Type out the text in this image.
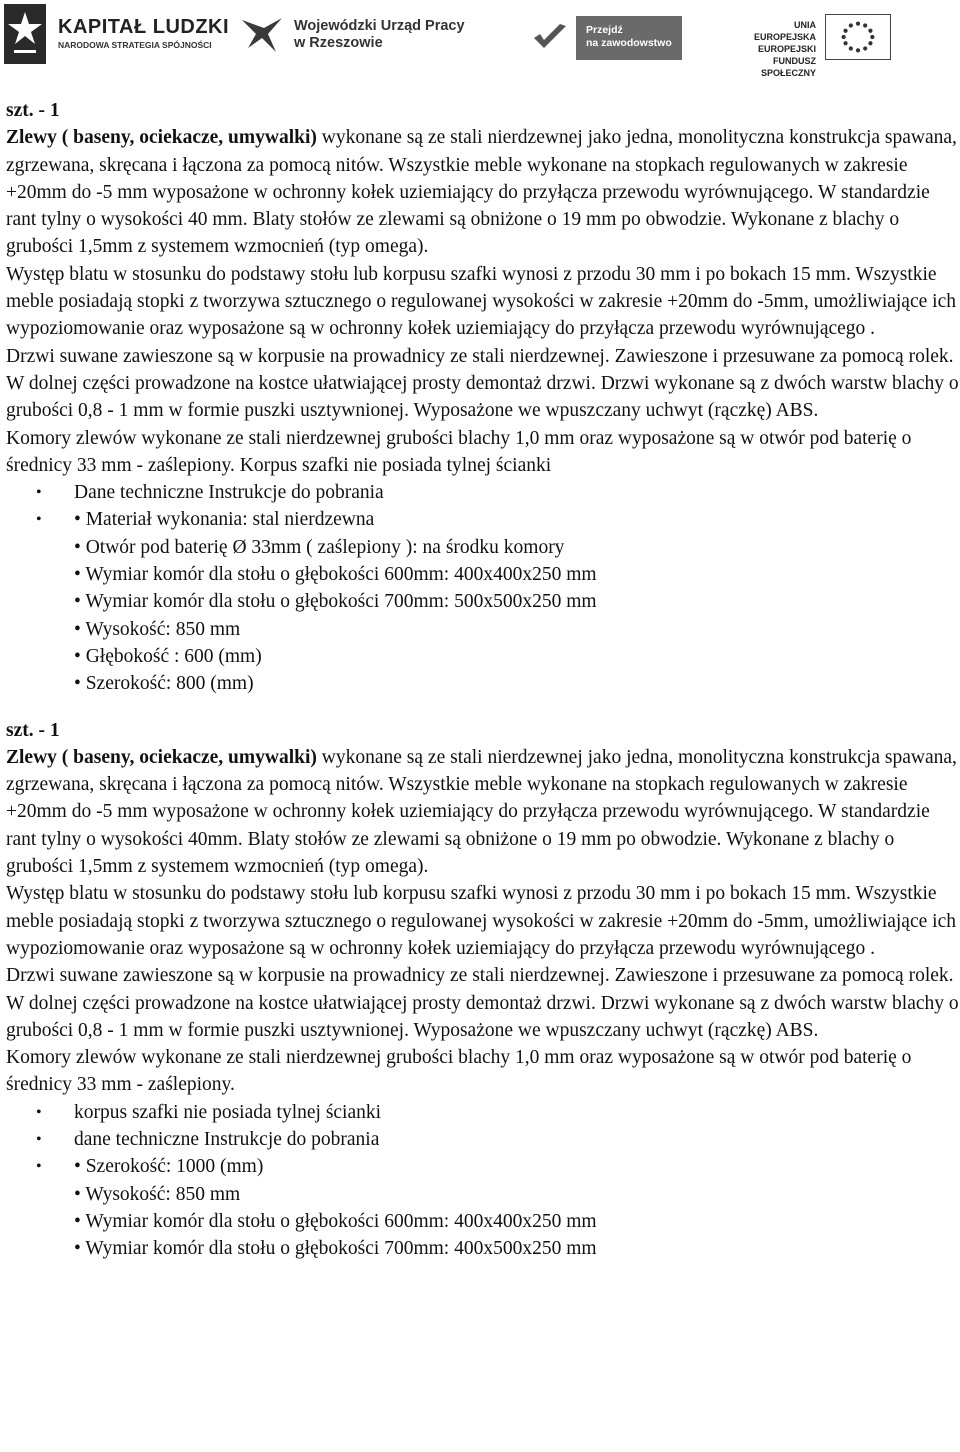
KAPITAŁ LUDZKI
NARODOWA STRATEGIA SPÓJNOŚCI
Wojewódzki Urząd Pracy
w Rzeszowie
Przejdź
na zawodowstwo
UNIA EUROPEJSKA
EUROPEJSKI
FUNDUSZ SPOŁECZNY
szt. - 1
Zlewy ( baseny, ociekacze, umywalki) wykonane są ze stali nierdzewnej jako jedna, monolityczna konstrukcja spawana, zgrzewana, skręcana i łączona za pomocą nitów. Wszystkie meble wykonane na stopkach regulowanych w zakresie +20mm do -5 mm wyposażone w ochronny kołek uziemiający do przyłącza przewodu wyrównującego. W standardzie rant tylny o wysokości 40 mm. Blaty stołów ze zlewami są obniżone o 19 mm po obwodzie. Wykonane z blachy o grubości 1,5mm z systemem wzmocnień (typ omega).
Występ blatu w stosunku do podstawy stołu lub korpusu szafki wynosi z przodu 30 mm i po bokach 15 mm. Wszystkie meble posiadają stopki z tworzywa sztucznego o regulowanej wysokości w zakresie +20mm do -5mm, umożliwiające ich wypoziomowanie oraz wyposażone są w ochronny kołek uziemiający do przyłącza przewodu wyrównującego .
Drzwi suwane zawieszone są w korpusie na prowadnicy ze stali nierdzewnej. Zawieszone i przesuwane za pomocą rolek. W dolnej części prowadzone na kostce ułatwiającej prosty demontaż drzwi. Drzwi wykonane są z dwóch warstw blachy o grubości 0,8 - 1 mm w formie puszki usztywnionej. Wyposażone we wpuszczany uchwyt (rączkę) ABS.
Komory zlewów wykonane ze stali nierdzewnej grubości blachy 1,0 mm oraz wyposażone są w otwór pod baterię o średnicy 33 mm - zaślepiony. Korpus szafki nie posiada tylnej ścianki
• Dane techniczne Instrukcje do pobrania
• • Materiał wykonania: stal nierdzewna
• Otwór pod baterię Ø 33mm ( zaślepiony ): na środku komory
• Wymiar komór dla stołu o głębokości 600mm: 400x400x250 mm
• Wymiar komór dla stołu o głębokości 700mm: 500x500x250 mm
• Wysokość: 850 mm
• Głębokość : 600 (mm)
• Szerokość: 800 (mm)
szt. - 1
Zlewy ( baseny, ociekacze, umywalki) wykonane są ze stali nierdzewnej jako jedna, monolityczna konstrukcja spawana, zgrzewana, skręcana i łączona za pomocą nitów. Wszystkie meble wykonane na stopkach regulowanych w zakresie +20mm do -5 mm wyposażone w ochronny kołek uziemiający do przyłącza przewodu wyrównującego. W standardzie rant tylny o wysokości 40mm. Blaty stołów ze zlewami są obniżone o 19 mm po obwodzie. Wykonane z blachy o grubości 1,5mm z systemem wzmocnień (typ omega).
Występ blatu w stosunku do podstawy stołu lub korpusu szafki wynosi z przodu 30 mm i po bokach 15 mm. Wszystkie meble posiadają stopki z tworzywa sztucznego o regulowanej wysokości w zakresie +20mm do -5mm, umożliwiające ich wypoziomowanie oraz wyposażone są w ochronny kołek uziemiający do przyłącza przewodu wyrównującego .
Drzwi suwane zawieszone są w korpusie na prowadnicy ze stali nierdzewnej. Zawieszone i przesuwane za pomocą rolek. W dolnej części prowadzone na kostce ułatwiającej prosty demontaż drzwi. Drzwi wykonane są z dwóch warstw blachy o grubości 0,8 - 1 mm w formie puszki usztywnionej. Wyposażone we wpuszczany uchwyt (rączkę) ABS.
Komory zlewów wykonane ze stali nierdzewnej grubości blachy 1,0 mm oraz wyposażone są w otwór pod baterię o średnicy 33 mm - zaślepiony.
• korpus szafki nie posiada tylnej ścianki
• dane techniczne Instrukcje do pobrania
• • Szerokość: 1000 (mm)
• Wysokość: 850 mm
• Wymiar komór dla stołu o głębokości 600mm: 400x400x250 mm
• Wymiar komór dla stołu o głębokości 700mm: 400x500x250 mm
